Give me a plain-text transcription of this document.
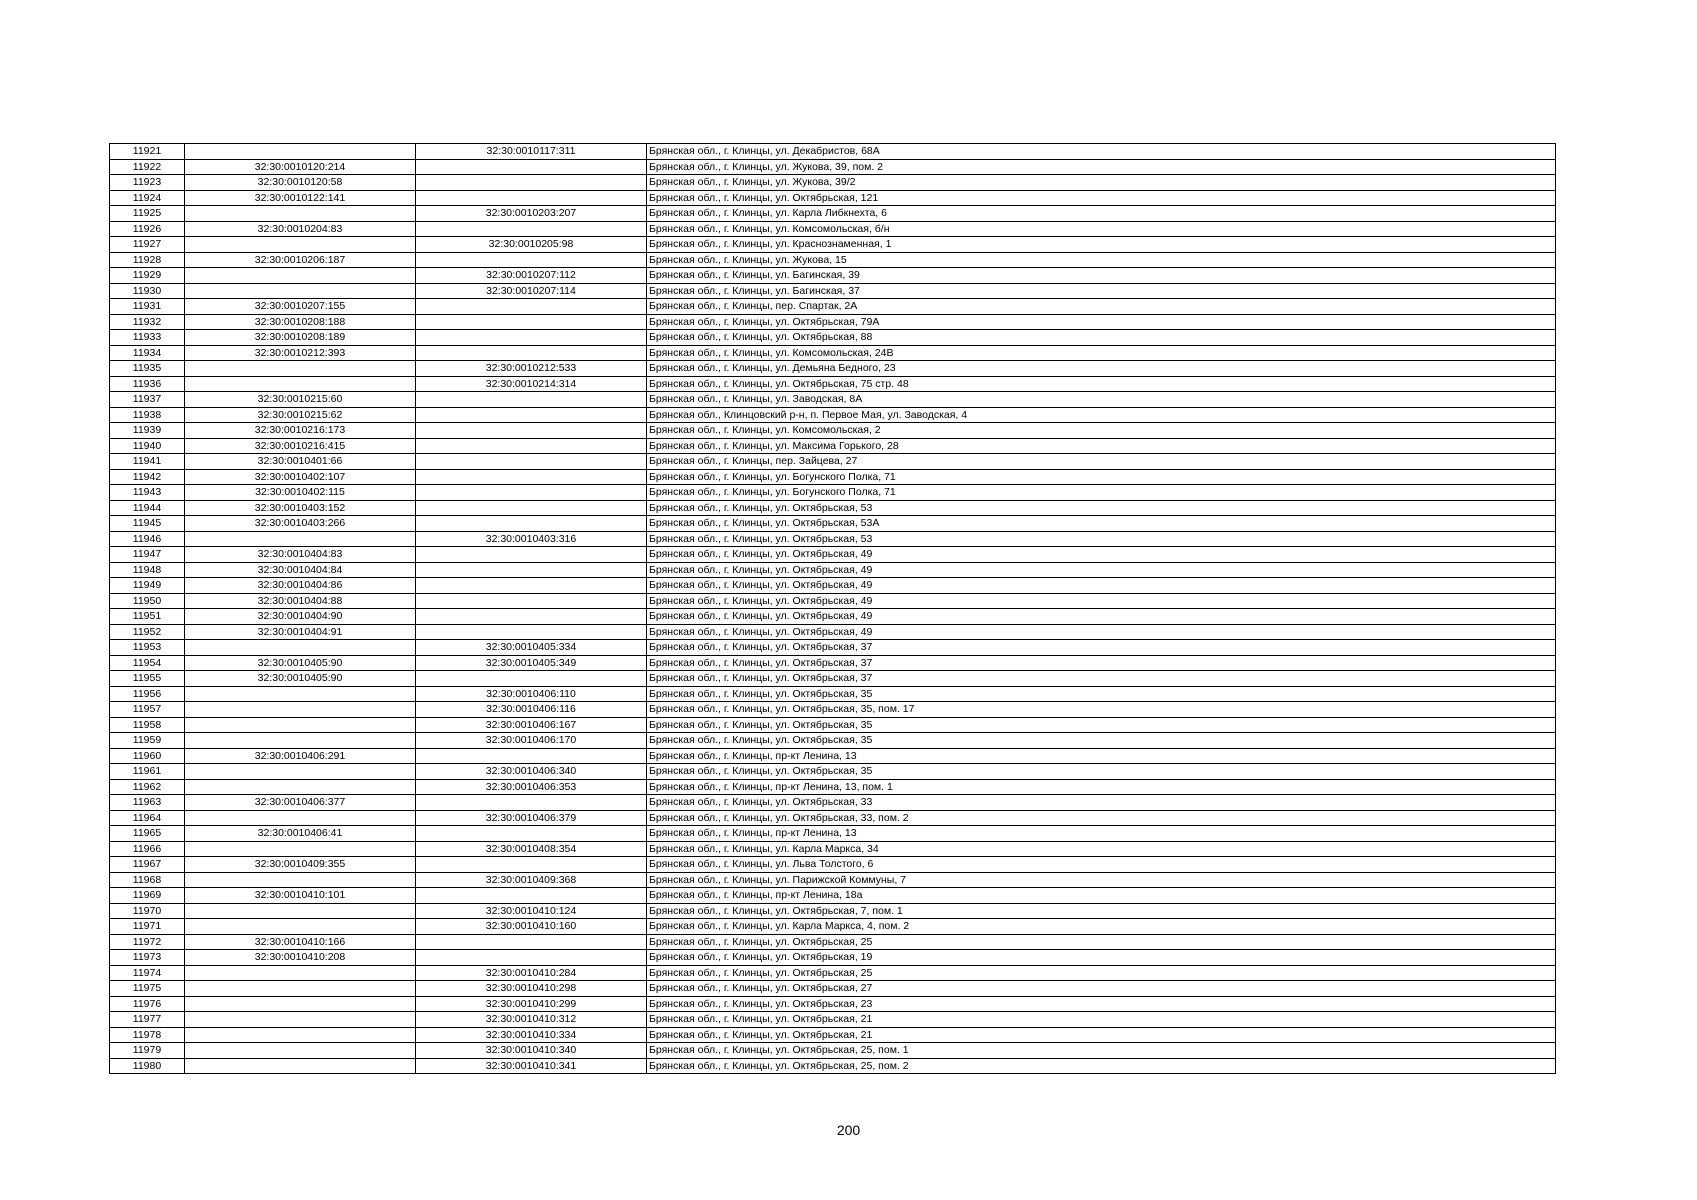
11921		32:30:0010117:311	Брянская обл., г. Клинцы, ул. Декабристов, 68А
11922	32:30:0010120:214		Брянская обл., г. Клинцы, ул. Жукова, 39, пом. 2
11923	32:30:0010120:58		Брянская обл., г. Клинцы, ул. Жукова, 39/2
11924	32:30:0010122:141		Брянская обл., г. Клинцы, ул. Октябрьская, 121
11925		32:30:0010203:207	Брянская обл., г. Клинцы, ул. Карла Либкнехта, 6
11926	32:30:0010204:83		Брянская обл., г. Клинцы, ул. Комсомольская, б/н
11927		32:30:0010205:98	Брянская обл., г. Клинцы, ул. Краснознаменная, 1
11928	32:30:0010206:187		Брянская обл., г. Клинцы, ул. Жукова, 15
11929		32:30:0010207:112	Брянская обл., г. Клинцы, ул. Багинская, 39
11930		32:30:0010207:114	Брянская обл., г. Клинцы, ул. Багинская, 37
11931	32:30:0010207:155		Брянская обл., г. Клинцы, пер. Спартак, 2А
11932	32:30:0010208:188		Брянская обл., г. Клинцы, ул. Октябрьская, 79А
11933	32:30:0010208:189		Брянская обл., г. Клинцы, ул. Октябрьская, 88
11934	32:30:0010212:393		Брянская обл., г. Клинцы, ул. Комсомольская, 24В
11935		32:30:0010212:533	Брянская обл., г. Клинцы, ул. Демьяна Бедного, 23
11936		32:30:0010214:314	Брянская обл., г. Клинцы, ул. Октябрьская, 75 стр. 48
11937	32:30:0010215:60		Брянская обл., г. Клинцы, ул. Заводская, 8А
11938	32:30:0010215:62		Брянская обл., Клинцовский р-н, п. Первое Мая, ул. Заводская, 4
11939	32:30:0010216:173		Брянская обл., г. Клинцы, ул. Комсомольская, 2
11940	32:30:0010216:415		Брянская обл., г. Клинцы, ул. Максима Горького, 28
11941	32:30:0010401:66		Брянская обл., г. Клинцы, пер. Зайцева, 27
11942	32:30:0010402:107		Брянская обл., г. Клинцы, ул. Богунского Полка, 71
11943	32:30:0010402:115		Брянская обл., г. Клинцы, ул. Богунского Полка, 71
11944	32:30:0010403:152		Брянская обл., г. Клинцы, ул. Октябрьская, 53
11945	32:30:0010403:266		Брянская обл., г. Клинцы, ул. Октябрьская, 53А
11946		32:30:0010403:316	Брянская обл., г. Клинцы, ул. Октябрьская, 53
11947	32:30:0010404:83		Брянская обл., г. Клинцы, ул. Октябрьская, 49
11948	32:30:0010404:84		Брянская обл., г. Клинцы, ул. Октябрьская, 49
11949	32:30:0010404:86		Брянская обл., г. Клинцы, ул. Октябрьская, 49
11950	32:30:0010404:88		Брянская обл., г. Клинцы, ул. Октябрьская, 49
11951	32:30:0010404:90		Брянская обл., г. Клинцы, ул. Октябрьская, 49
11952	32:30:0010404:91		Брянская обл., г. Клинцы, ул. Октябрьская, 49
11953		32:30:0010405:334	Брянская обл., г. Клинцы, ул. Октябрьская, 37
11954	32:30:0010405:90	32:30:0010405:349	Брянская обл., г. Клинцы, ул. Октябрьская, 37
11955	32:30:0010405:90		Брянская обл., г. Клинцы, ул. Октябрьская, 37
11956		32:30:0010406:110	Брянская обл., г. Клинцы, ул. Октябрьская, 35
11957		32:30:0010406:116	Брянская обл., г. Клинцы, ул. Октябрьская, 35, пом. 17
11958		32:30:0010406:167	Брянская обл., г. Клинцы, ул. Октябрьская, 35
11959		32:30:0010406:170	Брянская обл., г. Клинцы, ул. Октябрьская, 35
11960	32:30:0010406:291		Брянская обл., г. Клинцы, пр-кт Ленина, 13
11961		32:30:0010406:340	Брянская обл., г. Клинцы, ул. Октябрьская, 35
11962		32:30:0010406:353	Брянская обл., г. Клинцы, пр-кт Ленина, 13, пом. 1
11963	32:30:0010406:377		Брянская обл., г. Клинцы, ул. Октябрьская, 33
11964		32:30:0010406:379	Брянская обл., г. Клинцы, ул. Октябрьская, 33, пом. 2
11965	32:30:0010406:41		Брянская обл., г. Клинцы, пр-кт Ленина, 13
11966		32:30:0010408:354	Брянская обл., г. Клинцы, ул. Карла Маркса, 34
11967	32:30:0010409:355		Брянская обл., г. Клинцы, ул. Льва Толстого, 6
11968		32:30:0010409:368	Брянская обл., г. Клинцы, ул. Парижской Коммуны, 7
11969	32:30:0010410:101		Брянская обл., г. Клинцы, пр-кт Ленина, 18а
11970		32:30:0010410:124	Брянская обл., г. Клинцы, ул. Октябрьская, 7, пом. 1
11971		32:30:0010410:160	Брянская обл., г. Клинцы, ул. Карла Маркса, 4, пом. 2
11972	32:30:0010410:166		Брянская обл., г. Клинцы, ул. Октябрьская, 25
11973	32:30:0010410:208		Брянская обл., г. Клинцы, ул. Октябрьская, 19
11974		32:30:0010410:284	Брянская обл., г. Клинцы, ул. Октябрьская, 25
11975		32:30:0010410:298	Брянская обл., г. Клинцы, ул. Октябрьская, 27
11976		32:30:0010410:299	Брянская обл., г. Клинцы, ул. Октябрьская, 23
11977		32:30:0010410:312	Брянская обл., г. Клинцы, ул. Октябрьская, 21
11978		32:30:0010410:334	Брянская обл., г. Клинцы, ул. Октябрьская, 21
11979		32:30:0010410:340	Брянская обл., г. Клинцы, ул. Октябрьская, 25, пом. 1
11980		32:30:0010410:341	Брянская обл., г. Клинцы, ул. Октябрьская, 25, пом. 2
200
